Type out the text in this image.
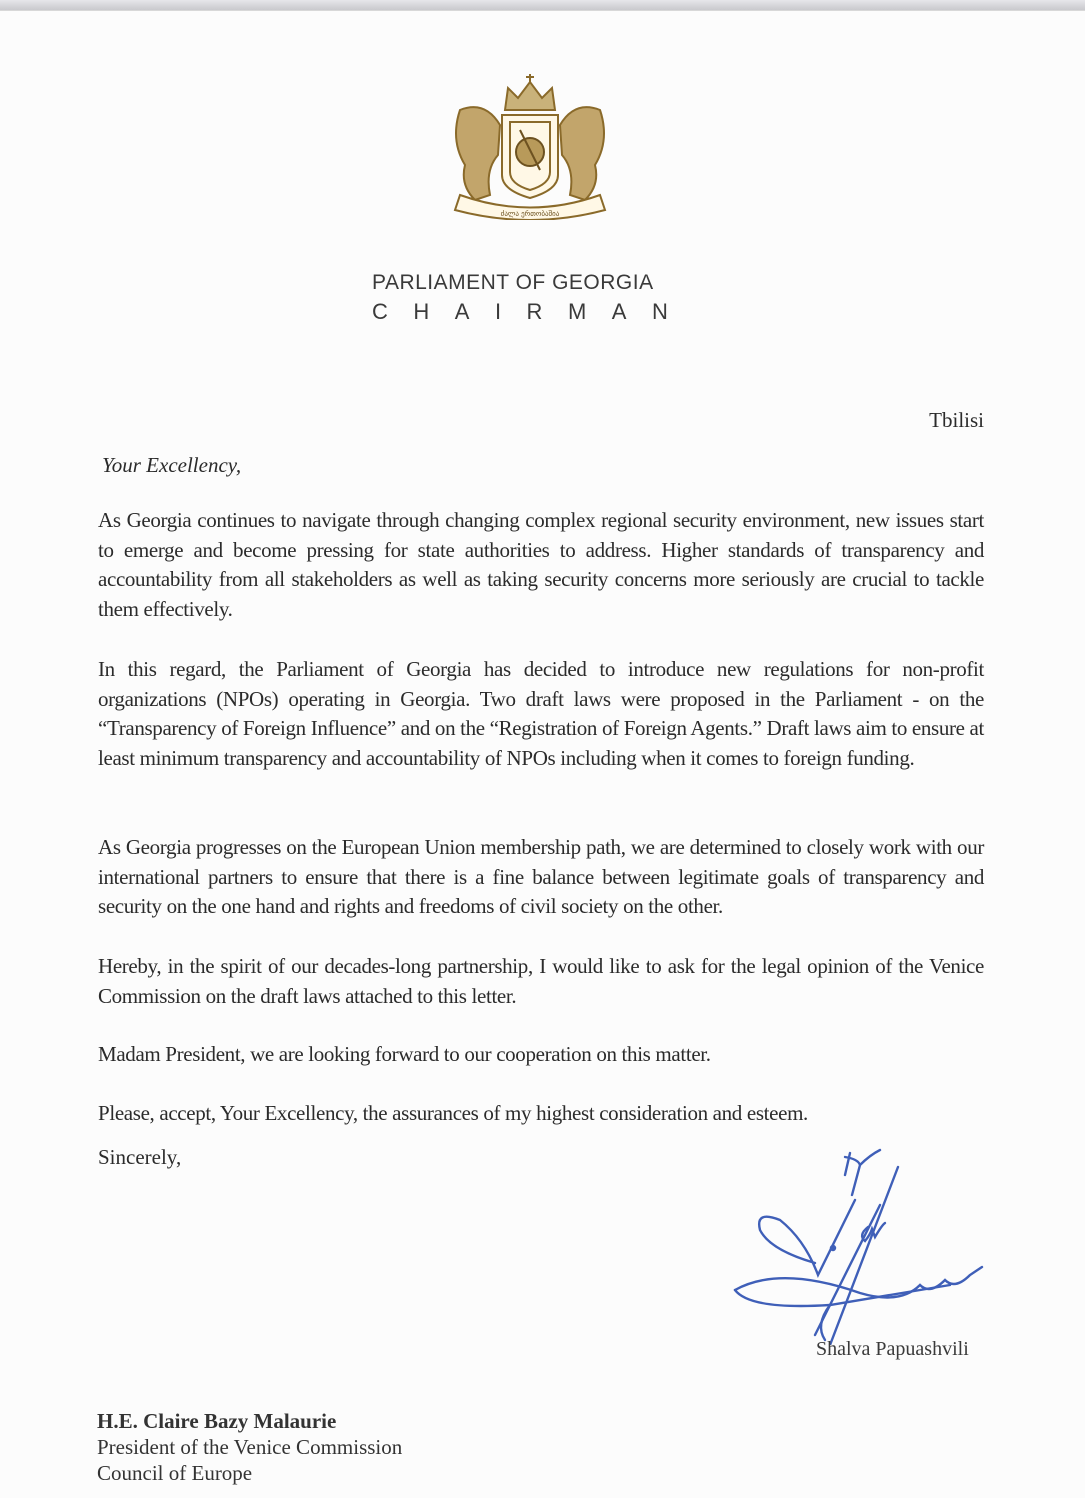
ძალა ერთობაშია
PARLIAMENT OF GEORGIA
CHAIRMAN
Tbilisi
Your Excellency,
As Georgia continues to navigate through changing complex regional security environment, new issues start to emerge and become pressing for state authorities to address. Higher standards of transparency and accountability from all stakeholders as well as taking security concerns more seriously are crucial to tackle them effectively.
In this regard, the Parliament of Georgia has decided to introduce new regulations for non-profit organizations (NPOs) operating in Georgia. Two draft laws were proposed in the Parliament - on the “Transparency of Foreign Influence” and on the “Registration of Foreign Agents.” Draft laws aim to ensure at least minimum transparency and accountability of NPOs including when it comes to foreign funding.
As Georgia progresses on the European Union membership path, we are determined to closely work with our international partners to ensure that there is a fine balance between legitimate goals of transparency and security on the one hand and rights and freedoms of civil society on the other.
Hereby, in the spirit of our decades-long partnership, I would like to ask for the legal opinion of the Venice Commission on the draft laws attached to this letter.
Madam President, we are looking forward to our cooperation on this matter.
Please, accept, Your Excellency, the assurances of my highest consideration and esteem.
Sincerely,
Shalva Papuashvili
H.E. Claire Bazy Malaurie
President of the Venice Commission
Council of Europe
